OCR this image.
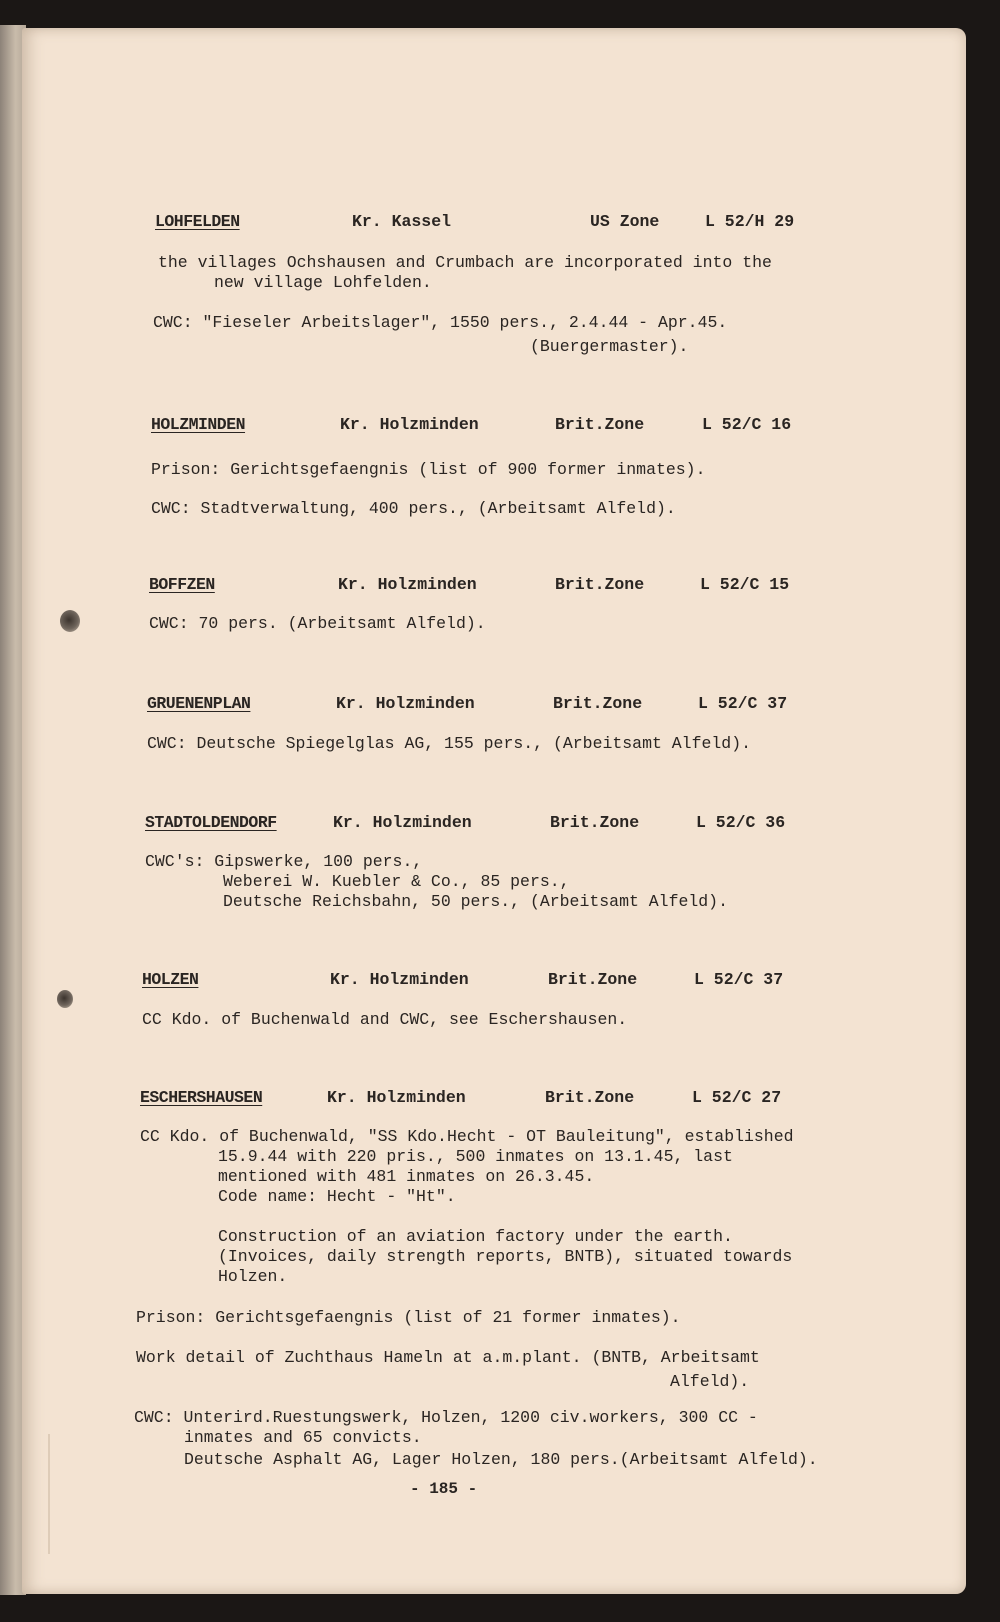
LOHFELDEN	Kr. Kassel	US Zone	L 52/H 29
the villages Ochshausen and Crumbach are incorporated into the
new village Lohfelden.
CWC: "Fieseler Arbeitslager", 1550 pers., 2.4.44 - Apr.45.
(Buergermaster).
HOLZMINDEN	Kr. Holzminden	Brit.Zone	L 52/C 16
Prison: Gerichtsgefaengnis (list of 900 former inmates).
CWC: Stadtverwaltung, 400 pers., (Arbeitsamt Alfeld).
BOFFZEN	Kr. Holzminden	Brit.Zone	L 52/C 15
CWC: 70 pers. (Arbeitsamt Alfeld).
GRUENENPLAN	Kr. Holzminden	Brit.Zone	L 52/C 37
CWC: Deutsche Spiegelglas AG, 155 pers., (Arbeitsamt Alfeld).
STADTOLDENDORF	Kr. Holzminden	Brit.Zone	L 52/C 36
CWC's: Gipswerke, 100 pers.,
Weberei W. Kuebler & Co., 85 pers.,
Deutsche Reichsbahn, 50 pers., (Arbeitsamt Alfeld).
HOLZEN	Kr. Holzminden	Brit.Zone	L 52/C 37
CC Kdo. of Buchenwald and CWC, see Eschershausen.
ESCHERSHAUSEN	Kr. Holzminden	Brit.Zone	L 52/C 27
CC Kdo. of Buchenwald, "SS Kdo.Hecht - OT Bauleitung", established
15.9.44 with 220 pris., 500 inmates on 13.1.45, last
mentioned with 481 inmates on 26.3.45.
Code name: Hecht - "Ht".
Construction of an aviation factory under the earth.
(Invoices, daily strength reports, BNTB), situated towards
Holzen.
Prison: Gerichtsgefaengnis (list of 21 former inmates).
Work detail of Zuchthaus Hameln at a.m.plant. (BNTB, Arbeitsamt
Alfeld).
CWC: Unterird.Ruestungswerk, Holzen, 1200 civ.workers, 300 CC -
inmates and 65 convicts.
Deutsche Asphalt AG, Lager Holzen, 180 pers.(Arbeitsamt Alfeld).
- 185 -
